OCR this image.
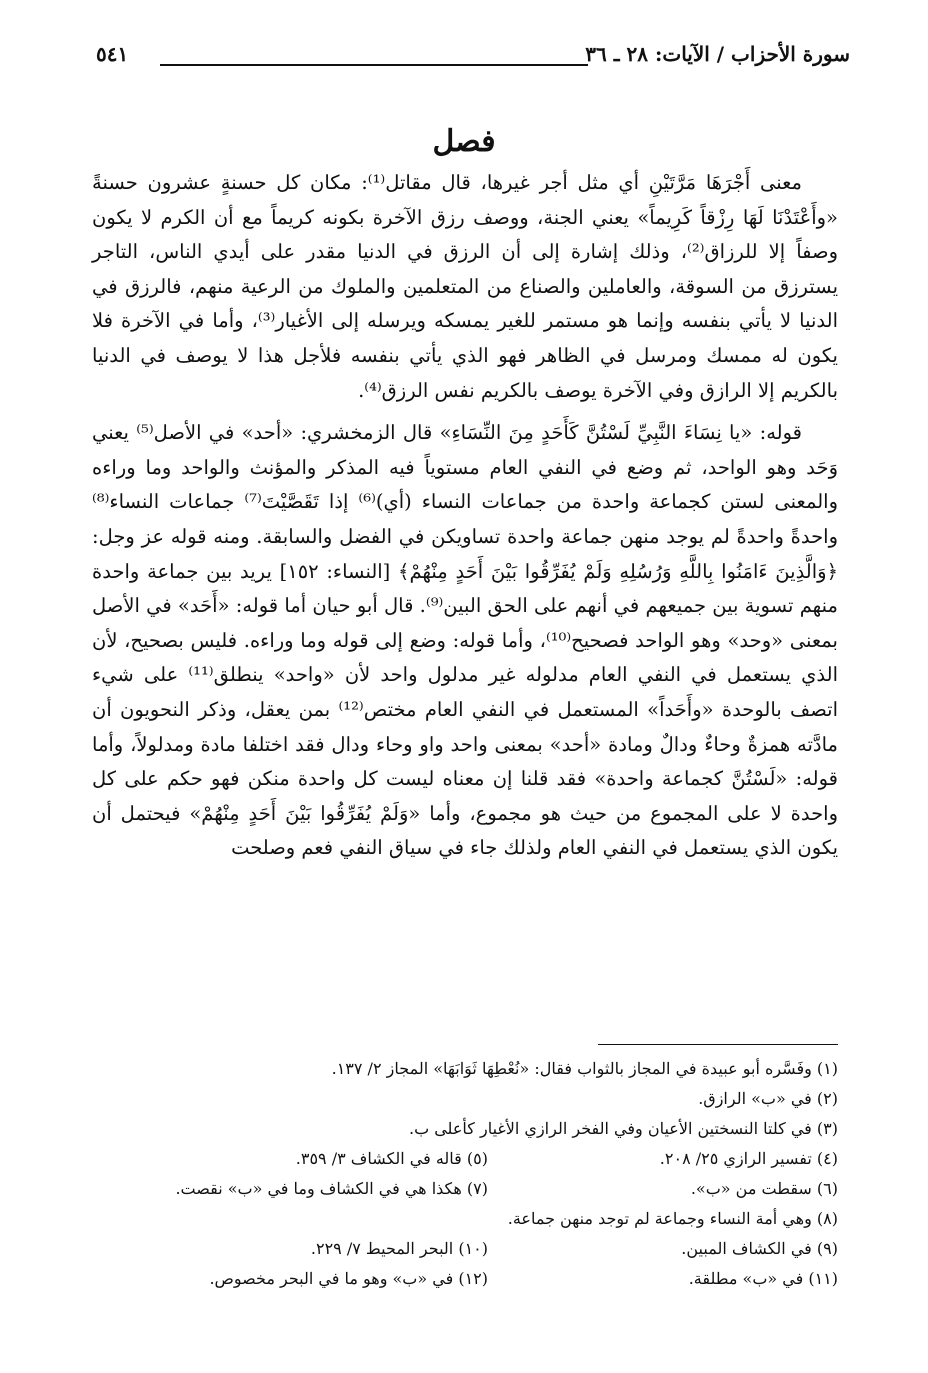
سورة الأحزاب / الآيات: ٢٨ ـ ٣٦
٥٤١
فصل

معنى أَجْرَهَا مَرَّتَيْنِ أي مثل أجر غيرها، قال مقاتل⁽¹⁾: مكان كل حسنةٍ عشرون حسنةً «وأَعْتَدْنَا لَهَا رِزْقاً كَرِيماً» يعني الجنة، ووصف رزق الآخرة بكونه كريماً مع أن الكرم لا يكون وصفاً إلا للرزاق⁽²⁾، وذلك إشارة إلى أن الرزق في الدنيا مقدر على أيدي الناس، التاجر يسترزق من السوقة، والعاملين والصناع من المتعلمين والملوك من الرعية منهم، فالرزق في الدنيا لا يأتي بنفسه وإنما هو مستمر للغير يمسكه ويرسله إلى الأغيار⁽³⁾، وأما في الآخرة فلا يكون له ممسك ومرسل في الظاهر فهو الذي يأتي بنفسه فلأجل هذا لا يوصف في الدنيا بالكريم إلا الرازق وفي الآخرة يوصف بالكريم نفس الرزق⁽⁴⁾.

قوله: «يا نِسَاءَ النَّبِيِّ لَسْتُنَّ كَأَحَدٍ مِنَ النِّسَاءِ» قال الزمخشري: «أحد» في الأصل⁽⁵⁾ يعني وَحَد وهو الواحد، ثم وضع في النفي العام مستوياً فيه المذكر والمؤنث والواحد وما وراءه والمعنى لستن كجماعة واحدة من جماعات النساء (أي)⁽⁶⁾ إذا تَقَصَّيْتَ⁽⁷⁾ جماعات النساء⁽⁸⁾ واحدةً واحدةً لم يوجد منهن جماعة واحدة تساويكن في الفضل والسابقة. ومنه قوله عز وجل: ﴿وَالَّذِينَ ءَامَنُوا بِاللَّهِ وَرُسُلِهِ وَلَمْ يُفَرِّقُوا بَيْنَ أَحَدٍ مِنْهُمْ﴾ [النساء: ١٥٢] يريد بين جماعة واحدة منهم تسوية بين جميعهم في أنهم على الحق البين⁽⁹⁾. قال أبو حيان أما قوله: «أَحَد» في الأصل بمعنى «وحد» وهو الواحد فصحيح⁽¹⁰⁾، وأما قوله: وضع إلى قوله وما وراءه. فليس بصحيح، لأن الذي يستعمل في النفي العام مدلوله غير مدلول واحد لأن «واحد» ينطلق⁽¹¹⁾ على شيء اتصف بالوحدة «وأَحَداً» المستعمل في النفي العام مختص⁽¹²⁾ بمن يعقل، وذكر النحويون أن مادَّته همزةٌ وحاءٌ ودالٌ ومادة «أحد» بمعنى واحد واو وحاء ودال فقد اختلفا مادة ومدلولاً، وأما قوله: «لَسْتُنَّ كجماعة واحدة» فقد قلنا إن معناه ليست كل واحدة منكن فهو حكم على كل واحدة لا على المجموع من حيث هو مجموع، وأما «وَلَمْ يُفَرِّقُوا بَيْنَ أَحَدٍ مِنْهُمْ» فيحتمل أن يكون الذي يستعمل في النفي العام ولذلك جاء في سياق النفي فعم وصلحت

(١) وفَسَّره أبو عبيدة في المجاز بالثواب فقال: «نُعْطِهَا ثَوَابَهَا» المجاز ٢/ ١٣٧.
(٢) في «ب» الرازق.
(٣) في كلتا النسختين الأعيان وفي الفخر الرازي الأغيار كأعلى ب.
(٤) تفسير الرازي ٢٥/ ٢٠٨.
(٥) قاله في الكشاف ٣/ ٣٥٩.
(٦) سقطت من «ب».
(٧) هكذا هي في الكشاف وما في «ب» نقصت.
(٨) وهي أمة النساء وجماعة لم توجد منهن جماعة.
(٩) في الكشاف المبين.
(١٠) البحر المحيط ٧/ ٢٢٩.
(١١) في «ب» مطلقة.
(١٢) في «ب» وهو ما في البحر مخصوص.
